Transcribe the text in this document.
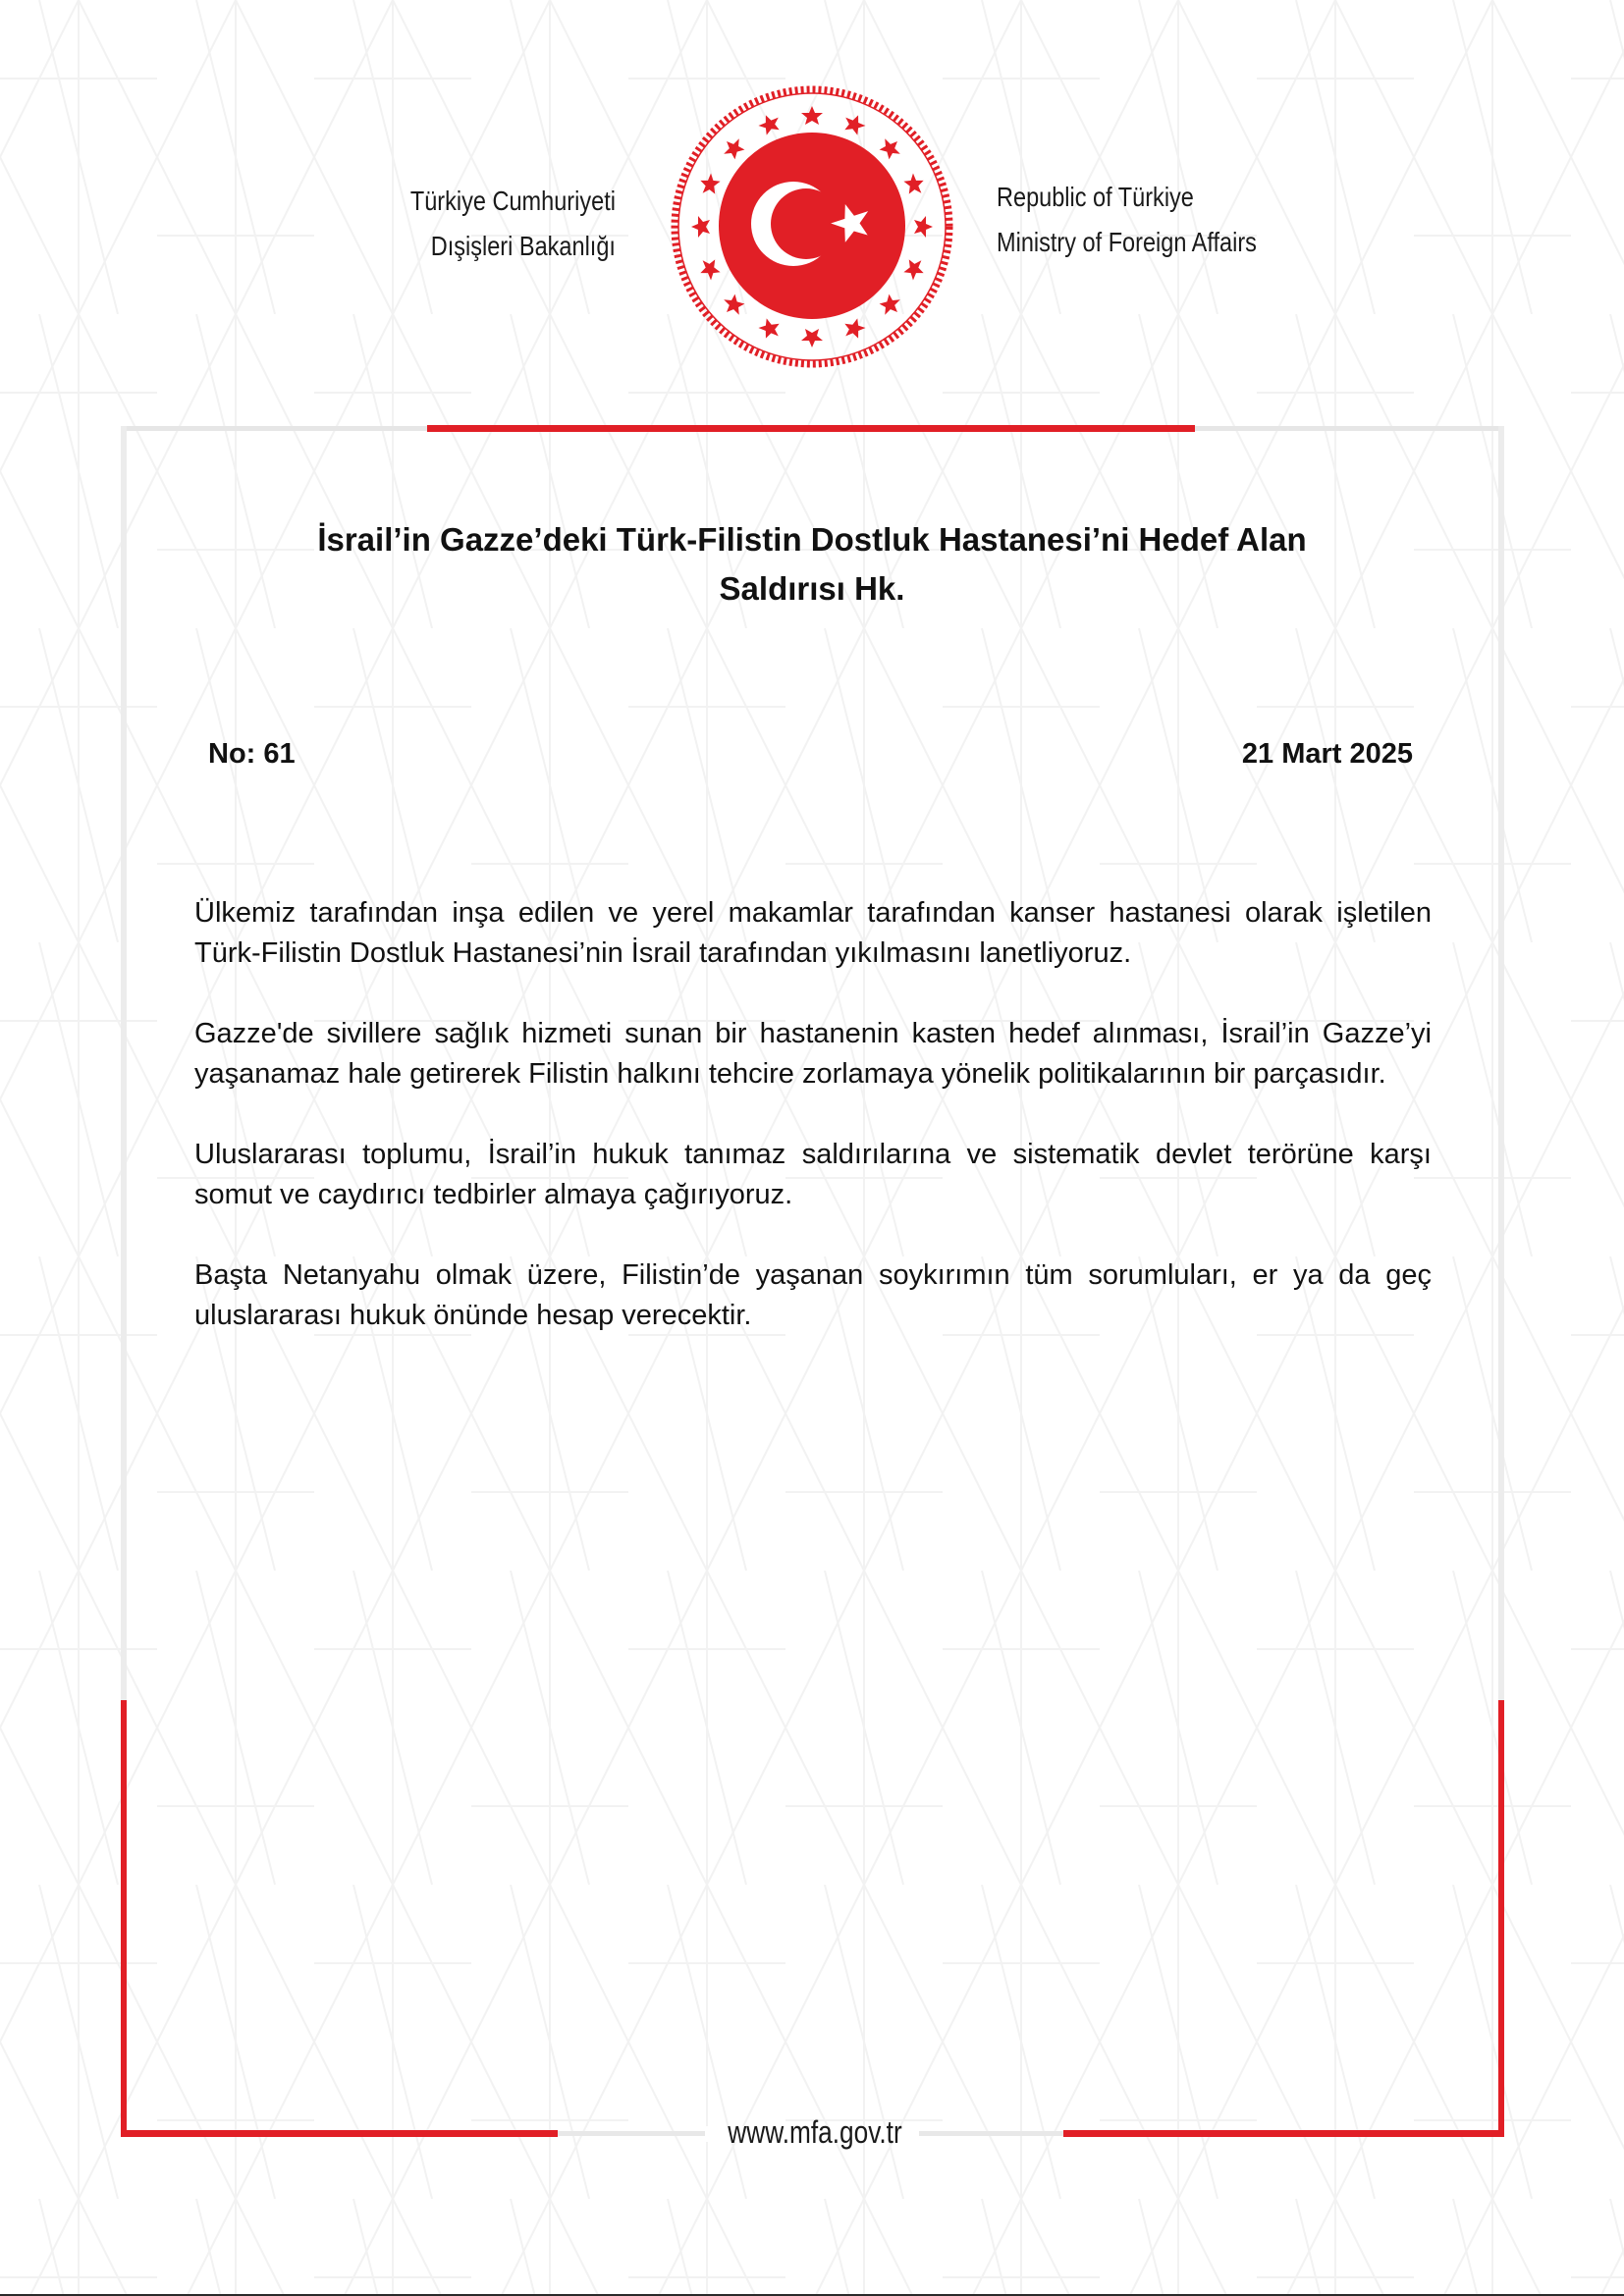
Türkiye Cumhuriyeti
Dışişleri Bakanlığı
Republic of Türkiye
Ministry of Foreign Affairs
İsrail’in Gazze’deki Türk-Filistin Dostluk Hastanesi’ni Hedef Alan
Saldırısı Hk.
No: 61	21 Mart 2025

Ülkemiz tarafından inşa edilen ve yerel makamlar tarafından kanser hastanesi olarak işletilen Türk-Filistin Dostluk Hastanesi’nin İsrail tarafından yıkılmasını lanetliyoruz.

Gazze'de sivillere sağlık hizmeti sunan bir hastanenin kasten hedef alınması, İsrail’in Gazze’yi yaşanamaz hale getirerek Filistin halkını tehcire zorlamaya yönelik politikalarının bir parçasıdır.

Uluslararası toplumu, İsrail’in hukuk tanımaz saldırılarına ve sistematik devlet terörüne karşı somut ve caydırıcı tedbirler almaya çağırıyoruz.

Başta Netanyahu olmak üzere, Filistin’de yaşanan soykırımın tüm sorumluları, er ya da geç uluslararası hukuk önünde hesap verecektir.

www.mfa.gov.tr
